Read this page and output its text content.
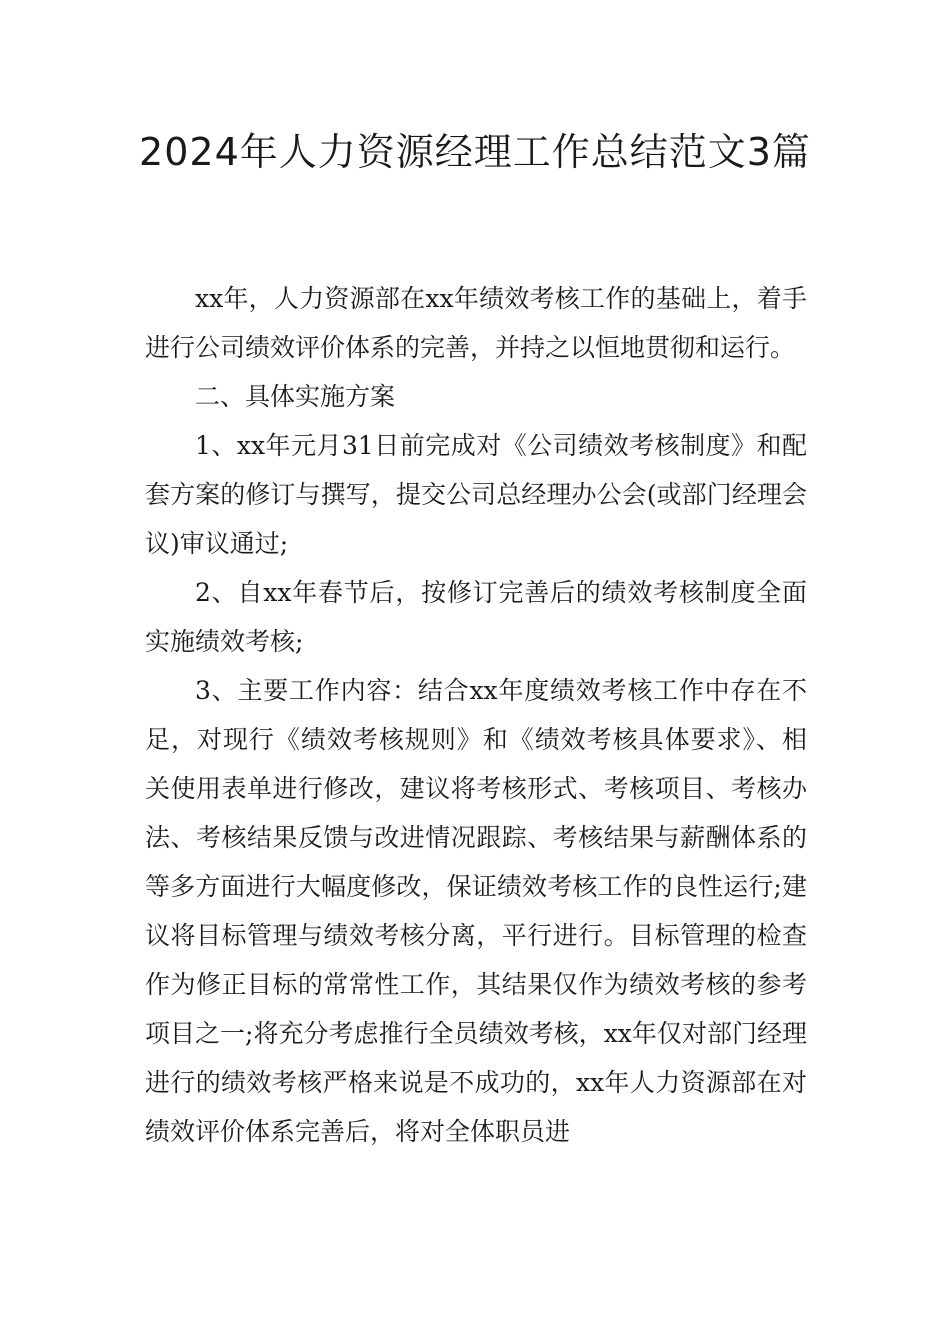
2024年人力资源经理工作总结范文3篇

xx年，人力资源部在xx年绩效考核工作的基础上，着手进行公司绩效评价体系的完善，并持之以恒地贯彻和运行。

二、具体实施方案

1、xx年元月31日前完成对《公司绩效考核制度》和配套方案的修订与撰写，提交公司总经理办公会(或部门经理会议)审议通过;

2、自xx年春节后，按修订完善后的绩效考核制度全面实施绩效考核;

3、主要工作内容：结合xx年度绩效考核工作中存在不足，对现行《绩效考核规则》和《绩效考核具体要求》、相关使用表单进行修改，建议将考核形式、考核项目、考核办法、考核结果反馈与改进情况跟踪、考核结果与薪酬体系的等多方面进行大幅度修改，保证绩效考核工作的良性运行;建议将目标管理与绩效考核分离，平行进行。目标管理的检查作为修正目标的常常性工作，其结果仅作为绩效考核的参考项目之一;将充分考虑推行全员绩效考核，xx年仅对部门经理进行的绩效考核严格来说是不成功的，xx年人力资源部在对绩效评价体系完善后，将对全体职员进
